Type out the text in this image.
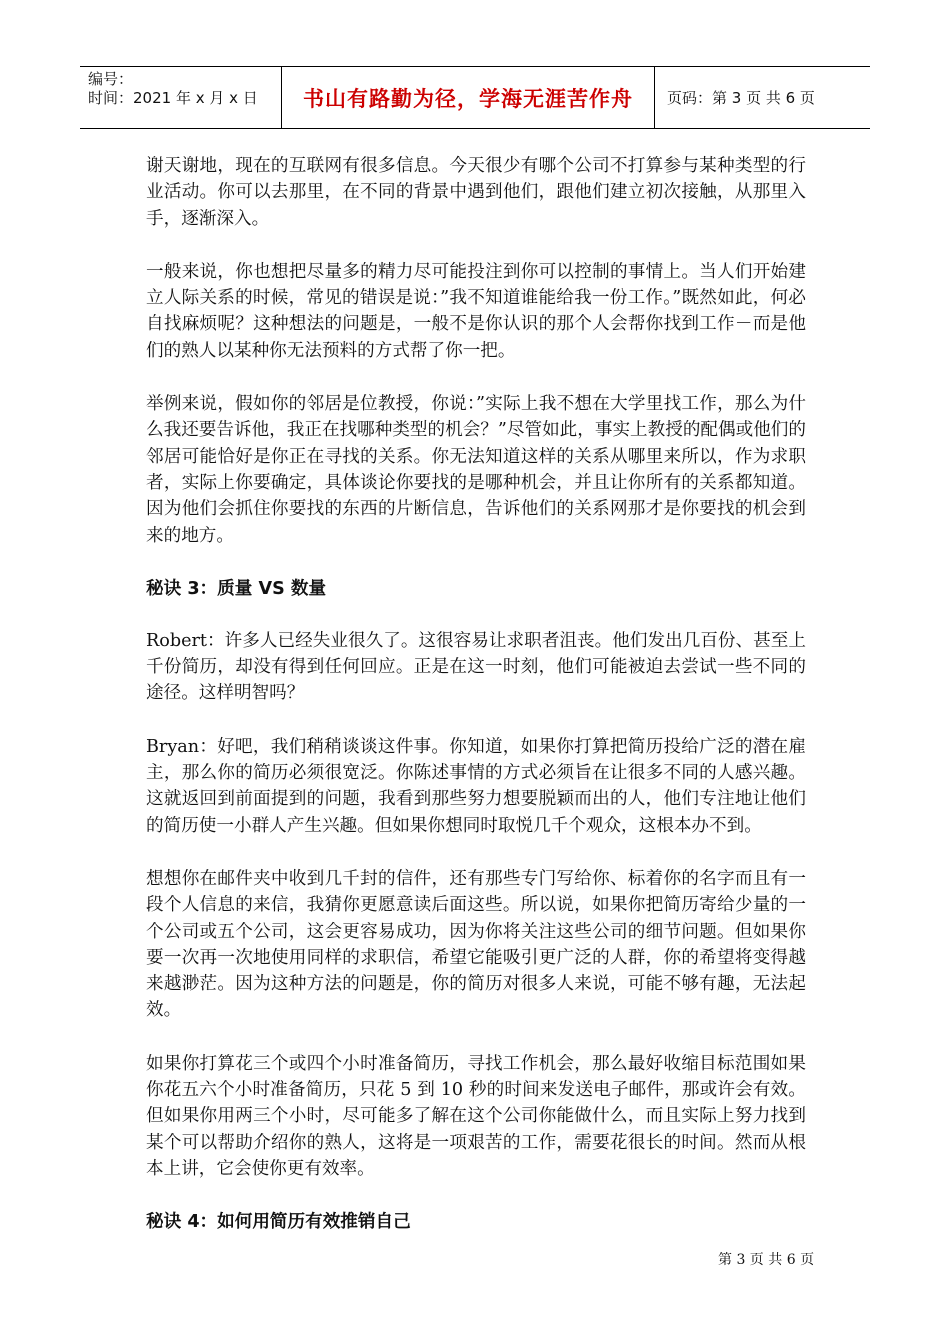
编号：
时间：2021 年 x 月 x 日	书山有路勤为径，学海无涯苦作舟	页码：第 3 页 共 6 页

谢天谢地，现在的互联网有很多信息。今天很少有哪个公司不打算参与某种类型的行业活动。你可以去那里，在不同的背景中遇到他们，跟他们建立初次接触，从那里入手，逐渐深入。

一般来说，你也想把尽量多的精力尽可能投注到你可以控制的事情上。当人们开始建立人际关系的时候，常见的错误是说：”我不知道谁能给我一份工作。”既然如此，何必自找麻烦呢？这种想法的问题是，一般不是你认识的那个人会帮你找到工作－而是他们的熟人以某种你无法预料的方式帮了你一把。

举例来说，假如你的邻居是位教授，你说：”实际上我不想在大学里找工作，那么为什么我还要告诉他，我正在找哪种类型的机会？”尽管如此，事实上教授的配偶或他们的邻居可能恰好是你正在寻找的关系。你无法知道这样的关系从哪里来所以，作为求职者，实际上你要确定，具体谈论你要找的是哪种机会，并且让你所有的关系都知道。因为他们会抓住你要找的东西的片断信息，告诉他们的关系网那才是你要找的机会到来的地方。

秘诀 3：质量 VS 数量

Robert：许多人已经失业很久了。这很容易让求职者沮丧。他们发出几百份、甚至上千份简历，却没有得到任何回应。正是在这一时刻，他们可能被迫去尝试一些不同的途径。这样明智吗？

Bryan：好吧，我们稍稍谈谈这件事。你知道，如果你打算把简历投给广泛的潜在雇主，那么你的简历必须很宽泛。你陈述事情的方式必须旨在让很多不同的人感兴趣。这就返回到前面提到的问题，我看到那些努力想要脱颖而出的人，他们专注地让他们的简历使一小群人产生兴趣。但如果你想同时取悦几千个观众，这根本办不到。

想想你在邮件夹中收到几千封的信件，还有那些专门写给你、标着你的名字而且有一段个人信息的来信，我猜你更愿意读后面这些。所以说，如果你把简历寄给少量的一个公司或五个公司，这会更容易成功，因为你将关注这些公司的细节问题。但如果你要一次再一次地使用同样的求职信，希望它能吸引更广泛的人群，你的希望将变得越来越渺茫。因为这种方法的问题是，你的简历对很多人来说，可能不够有趣，无法起效。

如果你打算花三个或四个小时准备简历，寻找工作机会，那么最好收缩目标范围如果你花五六个小时准备简历，只花 5 到 10 秒的时间来发送电子邮件，那或许会有效。但如果你用两三个小时，尽可能多了解在这个公司你能做什么，而且实际上努力找到某个可以帮助介绍你的熟人，这将是一项艰苦的工作，需要花很长的时间。然而从根本上讲，它会使你更有效率。

秘诀 4：如何用简历有效推销自己
第 3 页 共 6 页
